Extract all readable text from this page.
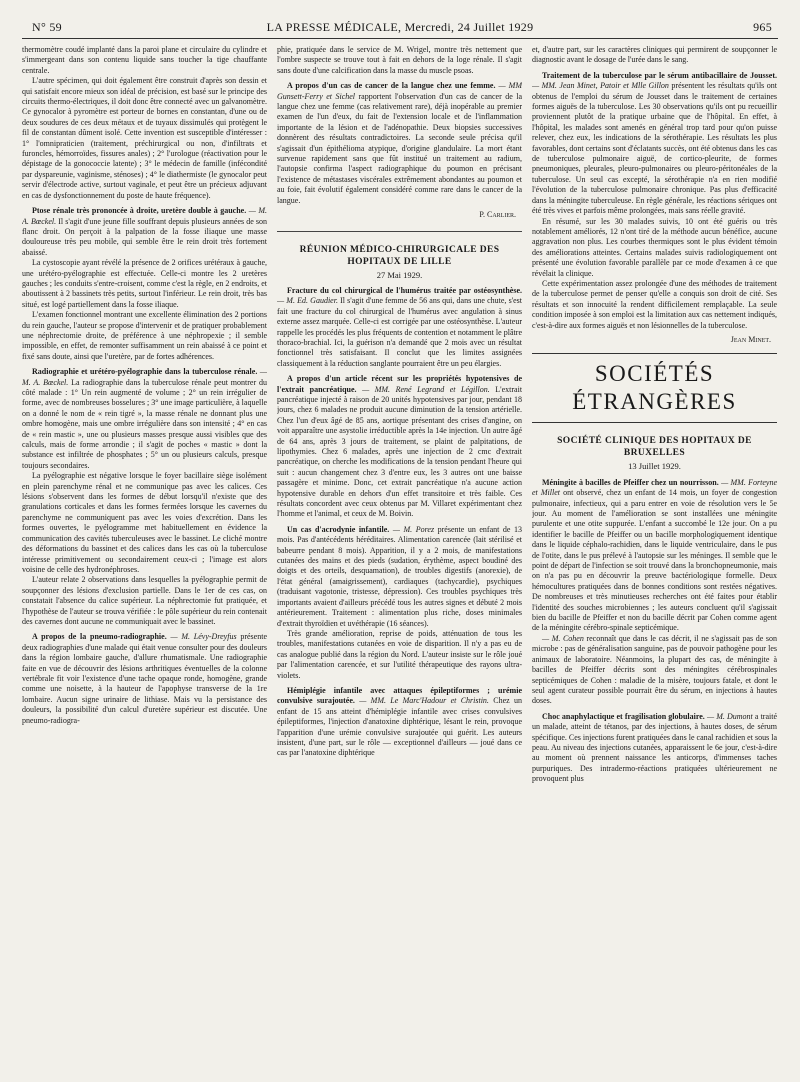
N° 59	LA PRESSE MÉDICALE, Mercredi, 24 Juillet 1929	965

thermomètre coudé implanté dans la paroi plane et circulaire du cylindre et s'immergeant dans son contenu liquide sans toucher la tige chauffante centrale.

L'autre spécimen, qui doit également être construit d'après son dessin et qui satisfait encore mieux son idéal de précision, est basé sur le principe des circuits thermo-électriques, il doit donc être connecté avec un galvanomètre. Ce gynocalor à pyromètre est porteur de bornes en constantan, d'une ou de deux soudures de ces deux métaux et de tuyaux dissimulés qui protègent le fil de constantan dûment isolé. Cette invention est susceptible d'intéresser : 1° l'omnipraticien (traitement, préchirurgical ou non, d'infiltrats et furoncles, hémorroïdes, fissures anales) ; 2° l'urologue (réactivation pour le dépistage de la gonococcie latente) ; 3° le médecin de famille (infécondité par dyspareunie, vaginisme, sténoses) ; 4° le diathermiste (le gynocalor peut servir d'électrode active, surtout vaginale, et peut être un précieux adjuvant en cas de dysfonctionnement du poste de haute fréquence).

Ptose rénale très prononcée à droite, uretère double à gauche. — M. A. Bœckel. Il s'agit d'une jeune fille souffrant depuis plusieurs années de son flanc droit. On perçoit à la palpation de la fosse iliaque une masse douloureuse très peu mobile, qui semble être le rein droit très fortement abaissé.

La cystoscopie ayant révélé la présence de 2 orifices urétéraux à gauche, une urétéro-pyélographie est effectuée. Celle-ci montre les 2 uretères gauches ; les conduits s'entre-croisent, comme c'est la règle, en 2 endroits, et aboutissent à 2 bassinets très petits, surtout l'inférieur. Le rein droit, très bas situé, est logé partiellement dans la fosse iliaque.

L'examen fonctionnel montrant une excellente élimination des 2 portions du rein gauche, l'auteur se propose d'intervenir et de pratiquer probablement une néphrectomie droite, de préférence à une néphropexie ; il semble impossible, en effet, de remonter suffisamment un rein abaissé à ce point et fixé sans doute, ainsi que l'uretère, par de fortes adhérences.

Radiographie et urétéro-pyélographie dans la tuberculose rénale. — M. A. Bœckel. La radiographie dans la tuberculose rénale peut montrer du côté malade : 1° Un rein augmenté de volume ; 2° un rein irrégulier de forme, avec de nombreuses bosselures ; 3° une image particulière, à laquelle on a donné le nom de « rein tigré », la masse rénale ne donnant plus une ombre homogène, mais une ombre irrégulière dans son intensité ; 4° en cas de « rein mastic », une ou plusieurs masses presque aussi visibles que des calculs, mais de forme arrondie ; il s'agit de poches « mastic » dont la substance est infiltrée de phosphates ; 5° un ou plusieurs calculs, presque toujours secondaires.

La pyélographie est négative lorsque le foyer bacillaire siège isolément en plein parenchyme rénal et ne communique pas avec les calices. Ces lésions s'observent dans les formes de début lorsqu'il n'existe que des granulations corticales et dans les formes fermées lorsque les cavernes du parenchyme ne communiquent pas avec les voies d'excrétion. Dans les formes ouvertes, le pyélogramme met habituellement en évidence la communication des cavités tuberculeuses avec le bassinet. Le cliché montre des déformations du bassinet et des calices dans les cas où la tuberculose intéresse primitivement ou secondairement ceux-ci ; l'image est alors voisine de celle des hydronéphroses.

L'auteur relate 2 observations dans lesquelles la pyélographie permit de soupçonner des lésions d'exclusion partielle. Dans le 1er de ces cas, on constatait l'absence du calice supérieur. La néphrectomie fut pratiquée, et l'hypothèse de l'auteur se trouva vérifiée : le pôle supérieur du rein contenait des cavernes dont aucune ne communiquait avec le bassinet.

A propos de la pneumo-radiographie. — M. Lévy-Dreyfus présente deux radiographies d'une malade qui était venue consulter pour des douleurs dans la région lombaire gauche, d'allure rhumatismale. Une radiographie faite en vue de découvrir des lésions arthritiques éventuelles de la colonne vertébrale fit voir l'existence d'une tache opaque ronde, homogène, grande comme une noisette, à la hauteur de l'apophyse transverse de la 1re lombaire. Aucun signe urinaire de lithiase. Mais vu la persistance des douleurs, la possibilité d'un calcul d'uretère supérieur est discutée. Une pneumo-radiogra-

phie, pratiquée dans le service de M. Wrigel, montre très nettement que l'ombre suspecte se trouve tout à fait en dehors de la loge rénale. Il s'agit sans doute d'une calcification dans la masse du muscle psoas.

A propos d'un cas de cancer de la langue chez une femme. — MM Gunsett-Ferry et Sichel rapportent l'observation d'un cas de cancer de la langue chez une femme (cas relativement rare), déjà inopérable au premier examen de l'un d'eux, du fait de l'extension locale et de l'inflammation importante de la lésion et de l'adénopathie. Deux biopsies successives donnèrent des résultats contradictoires. La seconde seule précisa qu'il s'agissait d'un épithélioma atypique, d'origine glandulaire. La mort étant survenue rapidement sans que fût institué un traitement au radium, l'autopsie confirma l'aspect radiographique du poumon en précisant l'existence de métastases viscérales extrêmement abondantes au poumon et au foie, fait évolutif également considéré comme rare dans le cancer de la langue.

P. Carlier.
RÉUNION MÉDICO-CHIRURGICALE DES HOPITAUX DE LILLE
27 Mai 1929.

Fracture du col chirurgical de l'humérus traitée par ostéosynthèse. — M. Ed. Gaudier. Il s'agit d'une femme de 56 ans qui, dans une chute, s'est fait une fracture du col chirurgical de l'humérus avec angulation à sinus externe assez marquée. Celle-ci est corrigée par une ostéosynthèse. L'auteur rappelle les procédés les plus fréquents de contention et notamment le plâtre thoraco-brachial. Ici, la guérison n'a demandé que 2 mois avec un résultat fonctionnel très satisfaisant. Il conclut que les limites assignées classiquement à la réduction sanglante pourraient être un peu élargies.

A propos d'un article récent sur les propriétés hypotensives de l'extrait pancréatique. — MM. René Legrand et Légillon. L'extrait pancréatique injecté à raison de 20 unités hypotensives par jour, pendant 18 jours, chez 6 malades ne produit aucune diminution de la tension artérielle. Chez l'un d'eux âgé de 85 ans, aortique présentant des crises d'angine, on voit apparaître une asystolie irréductible après la 14e injection. Un autre âgé de 64 ans, après 3 jours de traitement, se plaint de palpitations, de lipothymies. Chez 6 malades, après une injection de 2 cmc d'extrait pancréatique, on cherche les modifications de la tension pendant l'heure qui suit : aucun changement chez 3 d'entre eux, les 3 autres ont une baisse passagère et minime. Donc, cet extrait pancréatique n'a aucune action hypotensive durable en dehors d'un effet transitoire et très faible. Ces résultats concordent avec ceux obtenus par M. Villaret expérimentant chez l'homme et l'animal, et ceux de M. Boivin.

Un cas d'acrodynie infantile. — M. Porez présente un enfant de 13 mois. Pas d'antécédents héréditaires. Alimentation carencée (lait stérilisé et babeurre pendant 8 mois). Apparition, il y a 2 mois, de manifestations cutanées des mains et des pieds (sudation, érythème, aspect boudiné des doigts et des orteils, desquamation), de troubles digestifs (anorexie), de l'état général (amaigrissement), cardiaques (tachycardie), psychiques (traduisant vagotonie, tristesse, dépression). Ces troubles psychiques très importants avaient d'ailleurs précédé tous les autres signes et débuté 2 mois antérieurement. Traitement : alimentation plus riche, doses minimales d'extrait thyroïdien et uvéthérapie (16 séances).

Très grande amélioration, reprise de poids, atténuation de tous les troubles, manifestations cutanées en voie de disparition. Il n'y a pas eu de cas analogue publié dans la région du Nord. L'auteur insiste sur le rôle joué par l'alimentation carencée, et sur l'utilité thérapeutique des rayons ultra-violets.

Hémiplégie infantile avec attaques épileptiformes ; urémie convulsive surajoutée. — MM. Le Marc'Hadour et Christin. Chez un enfant de 15 ans atteint d'hémiplégie infantile avec crises convulsives épileptiformes, l'injection d'anatoxine diphtérique, lésant le rein, provoque l'apparition d'une urémie convulsive surajoutée qui guérit. Les auteurs insistent, d'une part, sur le rôle — exceptionnel d'ailleurs — joué dans ce cas par l'anatoxine diphtérique

et, d'autre part, sur les caractères cliniques qui permirent de soupçonner le diagnostic avant le dosage de l'urée dans le sang.

Traitement de la tuberculose par le sérum antibacillaire de Jousset. — MM. Jean Minet, Patoir et Mlle Gillon présentent les résultats qu'ils ont obtenus de l'emploi du sérum de Jousset dans le traitement de certaines formes aiguës de la tuberculose. Les 30 observations qu'ils ont pu recueillir proviennent plutôt de la pratique urbaine que de l'hôpital. En effet, à l'hôpital, les malades sont amenés en général trop tard pour qu'on puisse relever, chez eux, les indications de la sérothérapie. Les résultats les plus favorables, dont certains sont d'éclatants succès, ont été obtenus dans les cas de tuberculose pulmonaire aiguë, de cortico-pleurite, de formes pneumoniques, pleurales, pleuro-pulmonaires ou pleuro-péritonéales de la tuberculose. Un seul cas excepté, la sérothérapie n'a en rien modifié l'évolution de la tuberculose pulmonaire chronique. Pas plus d'efficacité dans la méningite tuberculeuse. En règle générale, les réactions sériques ont été très vives et parfois même prolongées, mais sans réelle gravité.

En résumé, sur les 30 malades suivis, 10 ont été guéris ou très notablement améliorés, 12 n'ont tiré de la méthode aucun bénéfice, aucune aggravation non plus. Les courbes thermiques sont le plus évident témoin des améliorations atteintes. Certains malades suivis radiologiquement ont présenté une évolution favorable parallèle par ce mode d'examen à ce que révélait la clinique.

Cette expérimentation assez prolongée d'une des méthodes de traitement de la tuberculose permet de penser qu'elle a conquis son droit de cité. Ses résultats et son innocuité la rendent difficilement remplaçable. La seule condition imposée à son emploi est la limitation aux cas nettement indiqués, c'est-à-dire aux formes aiguës et non lésionnelles de la tuberculose.

Jean Minet.
SOCIÉTÉS ÉTRANGÈRES
SOCIÉTÉ CLINIQUE DES HOPITAUX DE BRUXELLES
13 Juillet 1929.

Méningite à bacilles de Pfeiffer chez un nourrisson. — MM. Forteyne et Millet ont observé, chez un enfant de 14 mois, un foyer de congestion pulmonaire, infectieux, qui a paru entrer en voie de résolution vers le 5e jour. Au moment de l'amélioration se sont installées une méningite purulente et une otite suppurée. L'enfant a succombé le 12e jour. On a pu identifier le bacille de Pfeiffer ou un bacille morphologiquement identique dans le liquide céphalo-rachidien, dans le liquide ventriculaire, dans le pus de l'otite, dans le pus prélevé à l'autopsie sur les méninges. Il semble que le point de départ de l'infection se soit trouvé dans la bronchopneumonie, mais on n'a pas pu en découvrir la preuve bactériologique formelle. Deux hémocultures pratiquées dans de bonnes conditions sont restées négatives. De nombreuses et très minutieuses recherches ont été faites pour établir l'identité des souches microbiennes ; les auteurs concluent qu'il s'agissait bien du bacille de Pfeiffer et non du bacille décrit par Cohen comme agent de la méningite cérébro-spinale septicémique.

— M. Cohen reconnaît que dans le cas décrit, il ne s'agissait pas de son microbe : pas de généralisation sanguine, pas de pouvoir pathogène pour les animaux de laboratoire. Néanmoins, la plupart des cas, de méningite à bacilles de Pfeiffer décrits sont des méningites cérébrospinales septicémiques de Cohen : maladie de la misère, toujours fatale, et dont le seul agent curateur possible pourrait être du sérum, en injections à hautes doses.

Choc anaphylactique et fragilisation globulaire. — M. Dumont a traité un malade, atteint de tétanos, par des injections, à hautes doses, de sérum spécifique. Ces injections furent pratiquées dans le canal rachidien et sous la peau. Au niveau des injections cutanées, apparaissent le 6e jour, c'est-à-dire au moment où prennent naissance les anticorps, d'immenses taches purpuriques. Des intradermo-réactions pratiquées ultérieurement ne provoquent plus
